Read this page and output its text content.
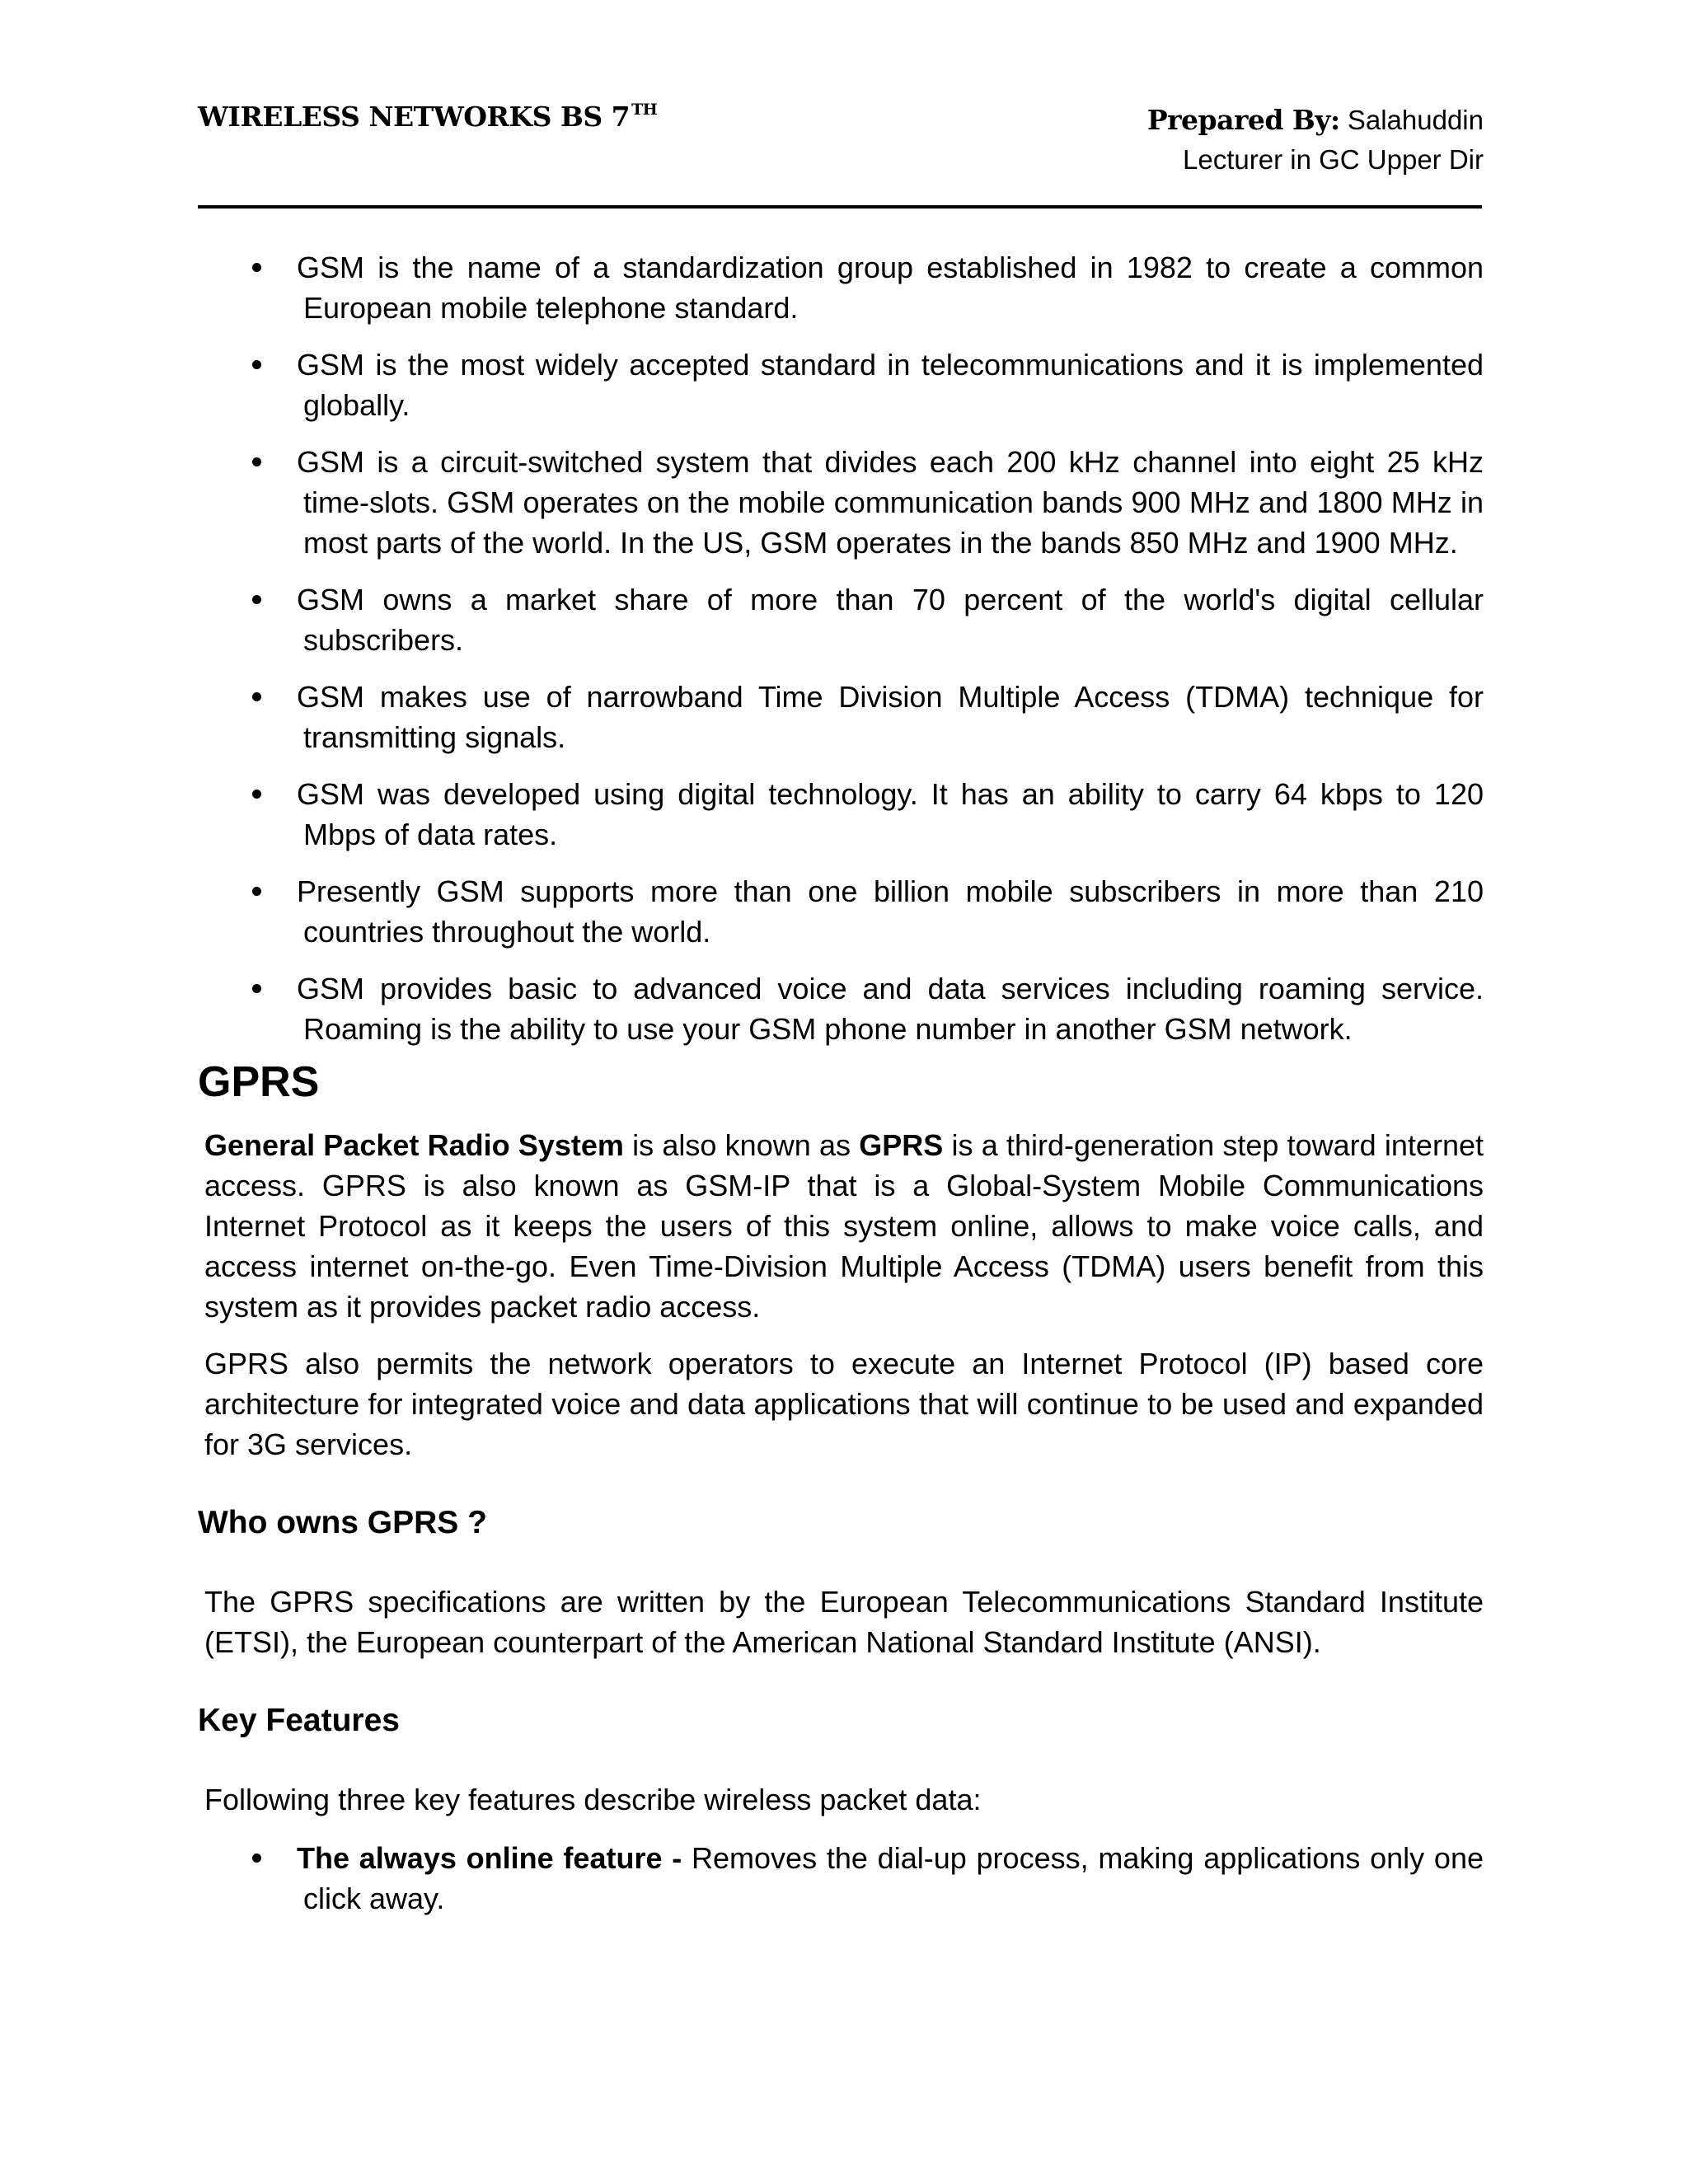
WIRELESS NETWORKS BS 7 $^{TH}$	Prepared By: Salahuddin
Lecturer in GC Upper Dir
GSM is the name of a standardization group established in 1982 to create a common European mobile telephone standard.
GSM is the most widely accepted standard in telecommunications and it is implemented globally.
GSM is a circuit-switched system that divides each 200 kHz channel into eight 25 kHz time-slots. GSM operates on the mobile communication bands 900 MHz and 1800 MHz in most parts of the world. In the US, GSM operates in the bands 850 MHz and 1900 MHz.
GSM owns a market share of more than 70 percent of the world's digital cellular subscribers.
GSM makes use of narrowband Time Division Multiple Access (TDMA) technique for transmitting signals.
GSM was developed using digital technology. It has an ability to carry 64 kbps to 120 Mbps of data rates.
Presently GSM supports more than one billion mobile subscribers in more than 210 countries throughout the world.
GSM provides basic to advanced voice and data services including roaming service. Roaming is the ability to use your GSM phone number in another GSM network.
GPRS

General Packet Radio System is also known as GPRS is a third-generation step toward internet access. GPRS is also known as GSM-IP that is a Global-System Mobile Communications Internet Protocol as it keeps the users of this system online, allows to make voice calls, and access internet on-the-go. Even Time-Division Multiple Access (TDMA) users benefit from this system as it provides packet radio access.

GPRS also permits the network operators to execute an Internet Protocol (IP) based core architecture for integrated voice and data applications that will continue to be used and expanded for 3G services.

Who owns GPRS ?

The GPRS specifications are written by the European Telecommunications Standard Institute (ETSI), the European counterpart of the American National Standard Institute (ANSI).

Key Features

Following three key features describe wireless packet data:

The always online feature - Removes the dial-up process, making applications only one click away.
